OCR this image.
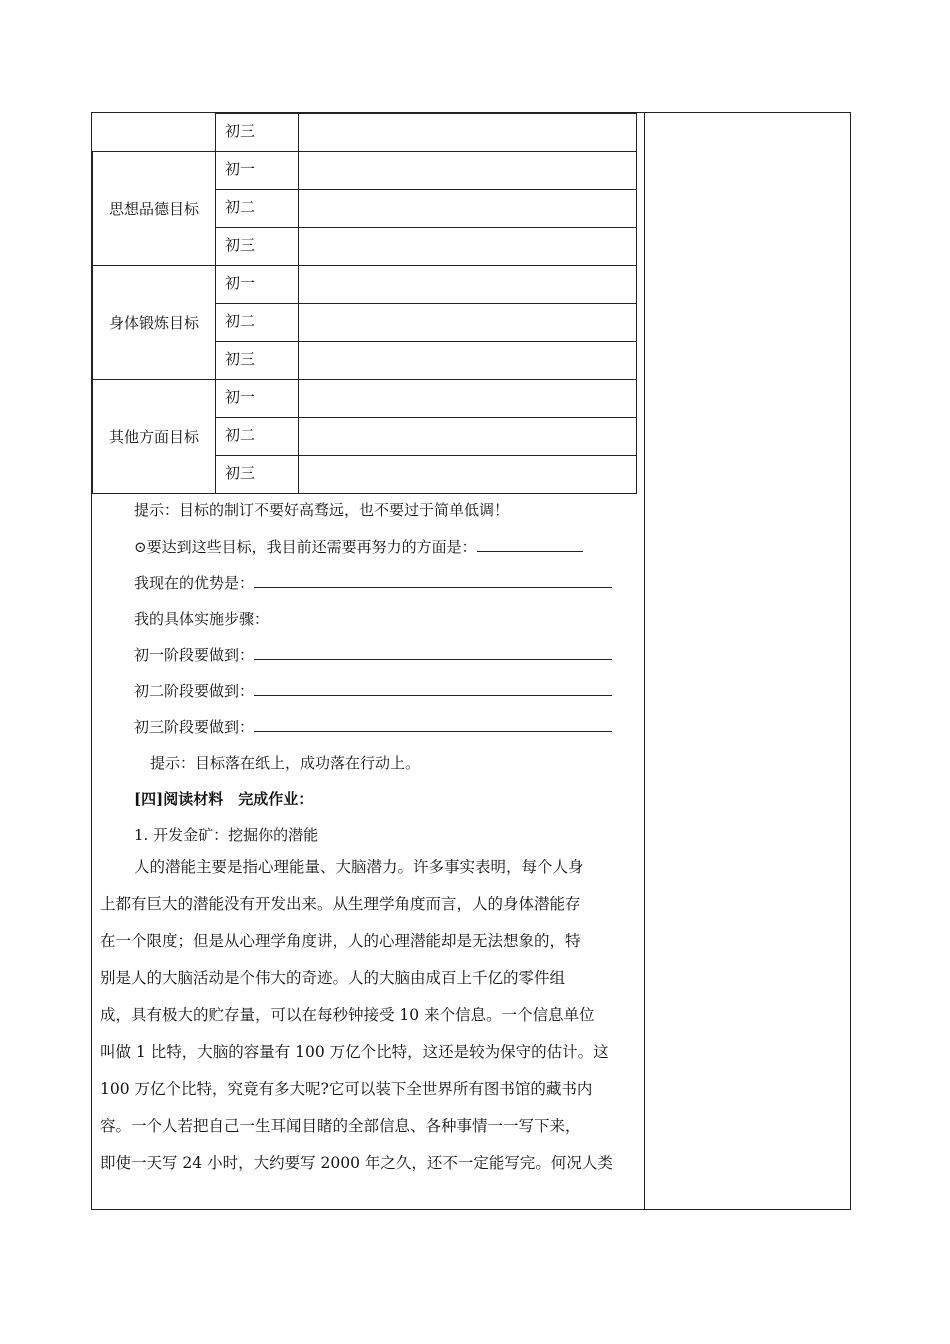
	初三	
思想品德目标	初一	
	初二	
	初三	
身体锻炼目标	初一	
	初二	
	初三	
其他方面目标	初一	
	初二	
	初三	
提示：目标的制订不要好高骛远，也不要过于简单低调！
⊙要达到这些目标，我目前还需要再努力的方面是：
我现在的优势是：
我的具体实施步骤：
初一阶段要做到：
初二阶段要做到：
初三阶段要做到：
提示：目标落在纸上，成功落在行动上。
[四]阅读材料　完成作业：
1. 开发金矿：挖掘你的潜能
人的潜能主要是指心理能量、大脑潜力。许多事实表明，每个人身
上都有巨大的潜能没有开发出来。从生理学角度而言，人的身体潜能存
在一个限度；但是从心理学角度讲，人的心理潜能却是无法想象的，特
别是人的大脑活动是个伟大的奇迹。人的大脑由成百上千亿的零件组
成，具有极大的贮存量，可以在每秒钟接受 10 来个信息。一个信息单位
叫做 1 比特，大脑的容量有 100 万亿个比特，这还是较为保守的估计。这
100 万亿个比特，究竟有多大呢?它可以装下全世界所有图书馆的藏书内
容。一个人若把自己一生耳闻目睹的全部信息、各种事情一一写下来，
即使一天写 24 小时，大约要写 2000 年之久，还不一定能写完。何况人类
